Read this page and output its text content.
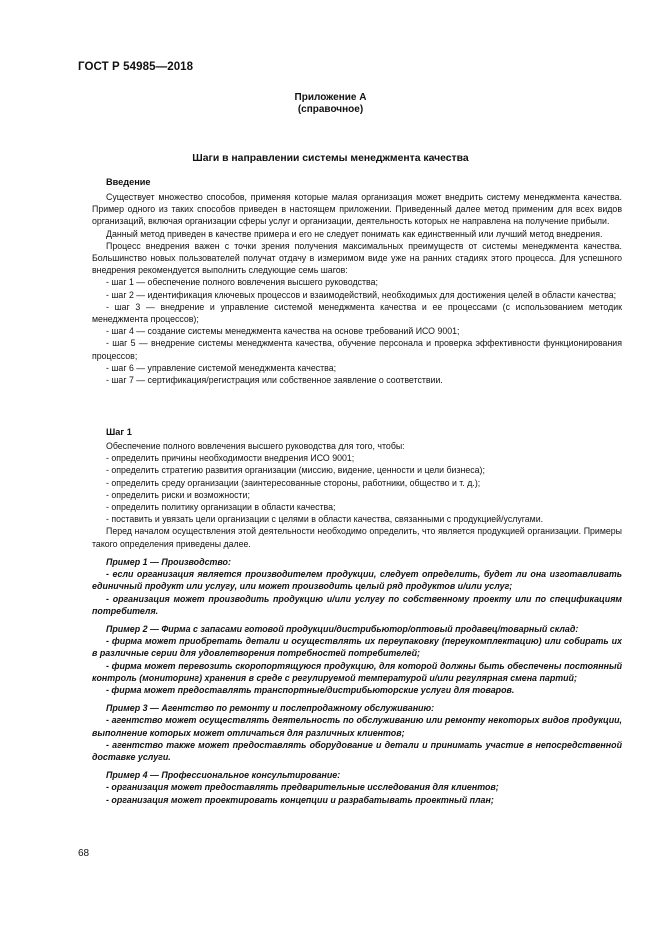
ГОСТ Р 54985—2018
Приложение А
(справочное)
Шаги в направлении системы менеджмента качества
Введение

Существует множество способов, применяя которые малая организация может внедрить систему менеджмента качества. Пример одного из таких способов приведен в настоящем приложении. Приведенный далее метод применим для всех видов организаций, включая организации сферы услуг и организации, деятельность которых не направлена на получение прибыли.

Данный метод приведен в качестве примера и его не следует понимать как единственный или лучший метод внедрения.

Процесс внедрения важен с точки зрения получения максимальных преимуществ от системы менеджмента качества. Большинство новых пользователей получат отдачу в измеримом виде уже на ранних стадиях этого процесса. Для успешного внедрения рекомендуется выполнить следующие семь шагов:

- шаг 1 — обеспечение полного вовлечения высшего руководства;
- шаг 2 — идентификация ключевых процессов и взаимодействий, необходимых для достижения целей в области качества;
- шаг 3 — внедрение и управление системой менеджмента качества и ее процессами (с использованием методик менеджмента процессов);
- шаг 4 — создание системы менеджмента качества на основе требований ИСО 9001;
- шаг 5 — внедрение системы менеджмента качества, обучение персонала и проверка эффективности функционирования процессов;
- шаг 6 — управление системой менеджмента качества;
- шаг 7 — сертификация/регистрация или собственное заявление о соответствии.
Шаг 1

Обеспечение полного вовлечения высшего руководства для того, чтобы:

- определить причины необходимости внедрения ИСО 9001;
- определить стратегию развития организации (миссию, видение, ценности и цели бизнеса);
- определить среду организации (заинтересованные стороны, работники, общество и т. д.);
- определить риски и возможности;
- определить политику организации в области качества;
- поставить и увязать цели организации с целями в области качества, связанными с продукцией/услугами.

Перед началом осуществления этой деятельности необходимо определить, что является продукцией организации. Примеры такого определения приведены далее.

Пример 1 — Производство:

- если организация является производителем продукции, следует определить, будет ли она изготавливать единичный продукт или услугу, или может производить целый ряд продуктов и/или услуг;

- организация может производить продукцию и/или услугу по собственному проекту или по спецификациям потребителя.

Пример 2 — Фирма с запасами готовой продукции/дистрибьютор/оптовый продавец/товарный склад:

- фирма может приобретать детали и осуществлять их переупаковку (переукомплектацию) или собирать их в различные серии для удовлетворения потребностей потребителей;

- фирма может перевозить скоропортящуюся продукцию, для которой должны быть обеспечены постоянный контроль (мониторинг) хранения в среде с регулируемой температурой и/или регулярная смена партий;

- фирма может предоставлять транспортные/дистрибьюторские услуги для товаров.

Пример 3 — Агентство по ремонту и послепродажному обслуживанию:

- агентство может осуществлять деятельность по обслуживанию или ремонту некоторых видов продукции, выполнение которых может отличаться для различных клиентов;

- агентство также может предоставлять оборудование и детали и принимать участие в непосредственной доставке услуги.

Пример 4 — Профессиональное консультирование:

- организация может предоставлять предварительные исследования для клиентов;

- организация может проектировать концепции и разрабатывать проектный план;

68
